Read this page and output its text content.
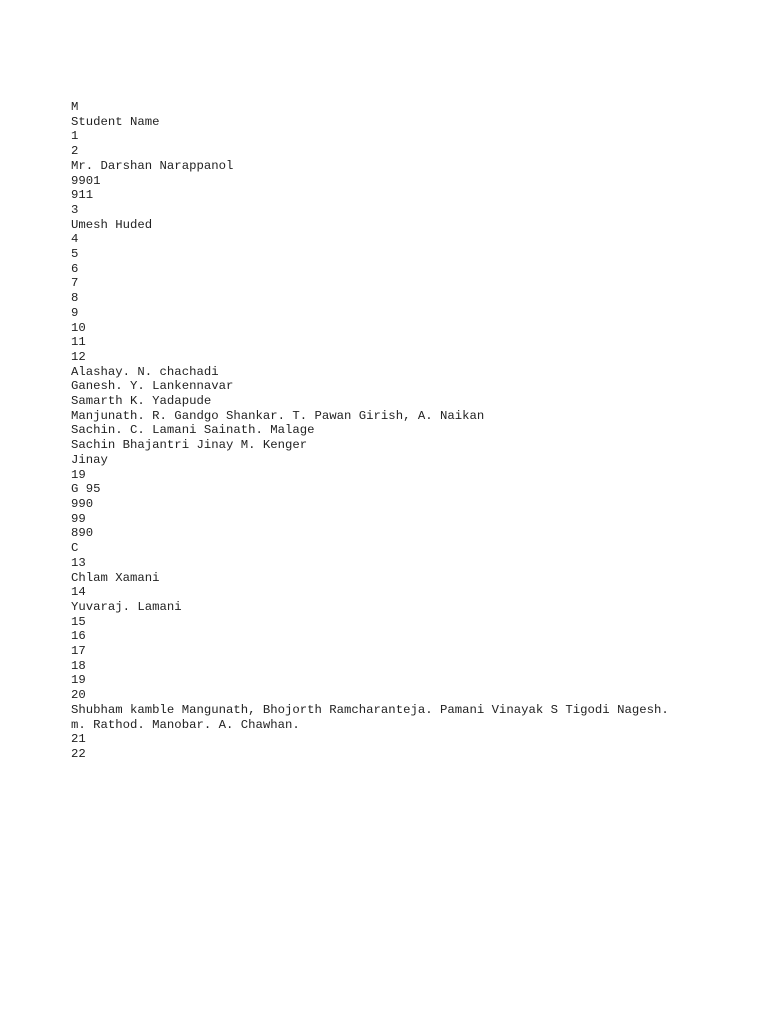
M
Student Name
1
2
Mr. Darshan Narappanol
9901
911
3
Umesh Huded
4
5
6
7
8
9
10
11
12
Alashay. N. chachadi
Ganesh. Y. Lankennavar
Samarth K. Yadapude
Manjunath. R. Gandgo Shankar. T. Pawan Girish, A. Naikan
Sachin. C. Lamani Sainath. Malage
Sachin Bhajantri Jinay M. Kenger
Jinay
19
G 95
990
99
890
C
13
Chlam Xamani
14
Yuvaraj. Lamani
15
16
17
18
19
20
Shubham kamble Mangunath, Bhojorth Ramcharanteja. Pamani Vinayak S Tigodi Nagesh.
m. Rathod. Manobar. A. Chawhan.
21
22
